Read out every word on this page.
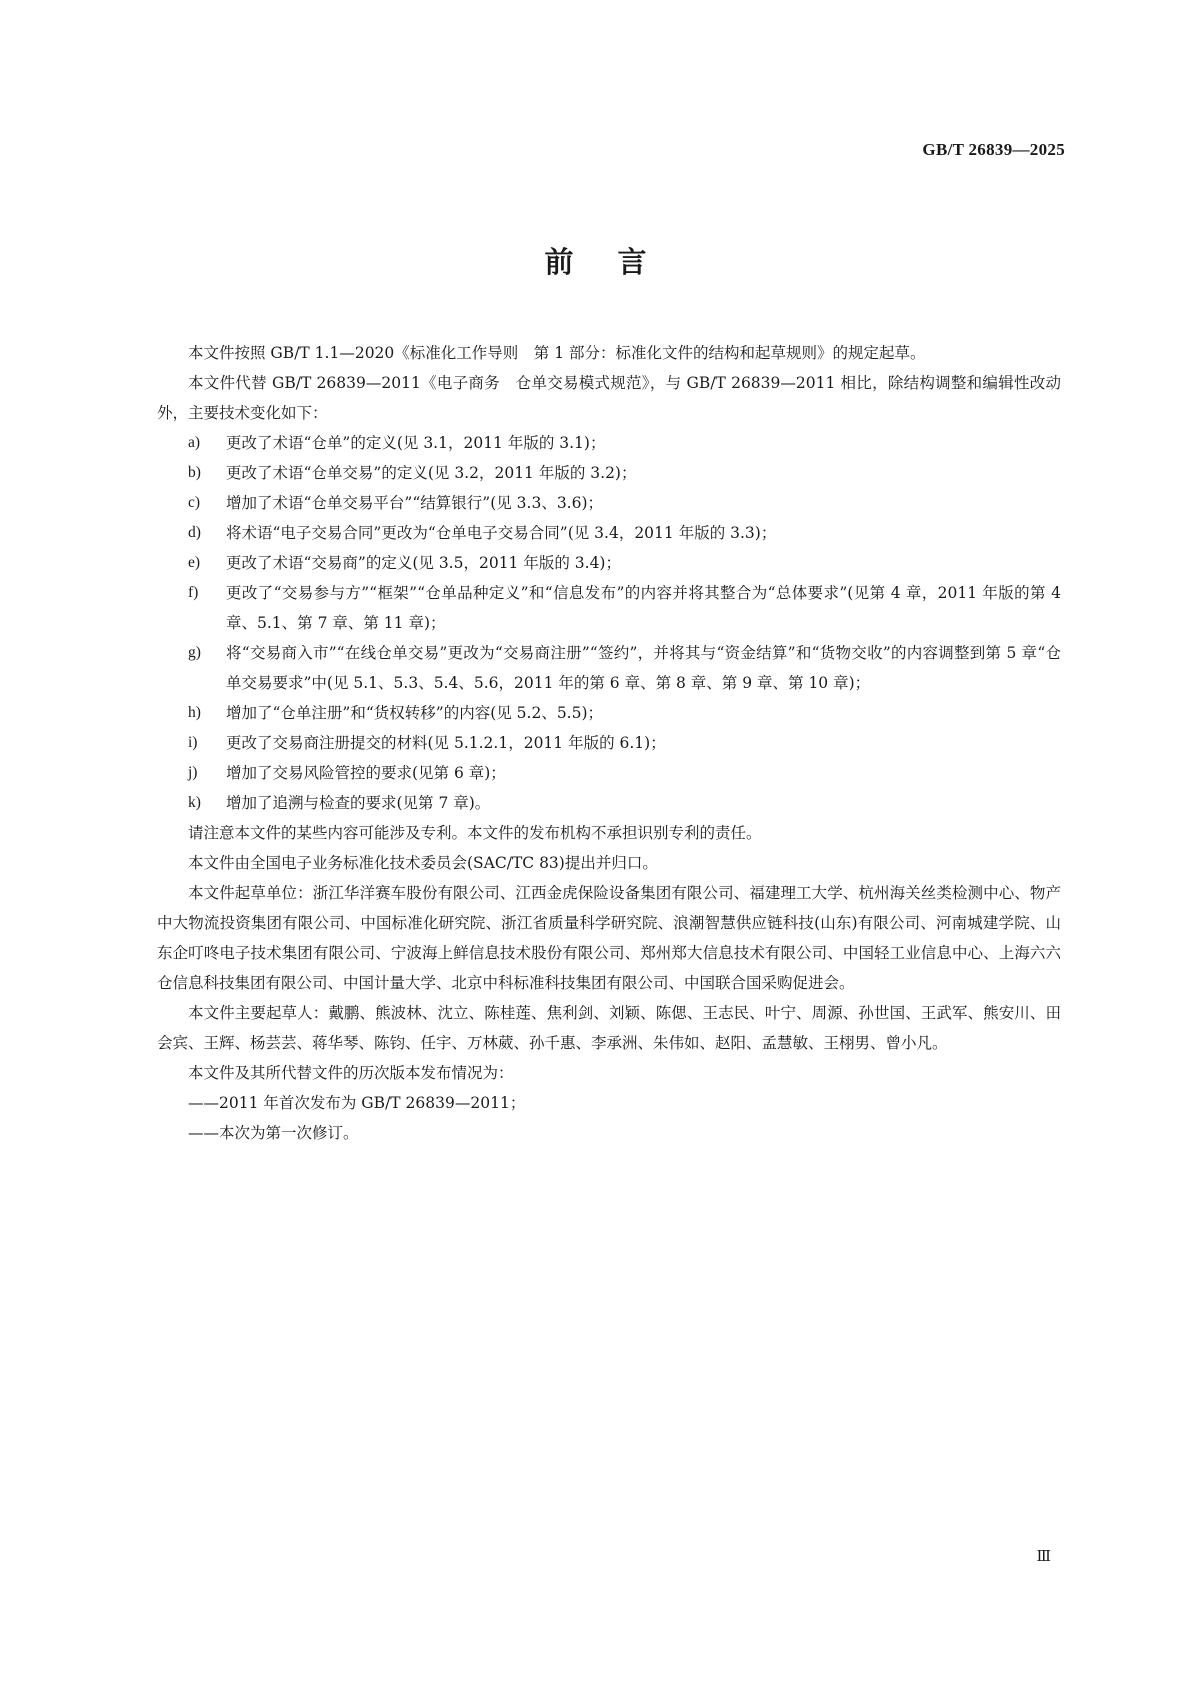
GB/T 26839—2025
前言

本文件按照 GB/T 1.1—2020《标准化工作导则　第 1 部分：标准化文件的结构和起草规则》的规定起草。

本文件代替 GB/T 26839—2011《电子商务　仓单交易模式规范》，与 GB/T 26839—2011 相比，除结构调整和编辑性改动外，主要技术变化如下：

a)	更改了术语“仓单”的定义(见 3.1，2011 年版的 3.1)；
b)	更改了术语“仓单交易”的定义(见 3.2，2011 年版的 3.2)；
c)	增加了术语“仓单交易平台”“结算银行”(见 3.3、3.6)；
d)	将术语“电子交易合同”更改为“仓单电子交易合同”(见 3.4，2011 年版的 3.3)；
e)	更改了术语“交易商”的定义(见 3.5，2011 年版的 3.4)；
f)	更改了“交易参与方”“框架”“仓单品种定义”和“信息发布”的内容并将其整合为“总体要求”(见第 4 章，2011 年版的第 4 章、5.1、第 7 章、第 11 章)；
g)	将“交易商入市”“在线仓单交易”更改为“交易商注册”“签约”，并将其与“资金结算”和“货物交收”的内容调整到第 5 章“仓单交易要求”中(见 5.1、5.3、5.4、5.6，2011 年的第 6 章、第 8 章、第 9 章、第 10 章)；
h)	增加了“仓单注册”和“货权转移”的内容(见 5.2、5.5)；
i)	更改了交易商注册提交的材料(见 5.1.2.1，2011 年版的 6.1)；
j)	增加了交易风险管控的要求(见第 6 章)；
k)	增加了追溯与检查的要求(见第 7 章)。

请注意本文件的某些内容可能涉及专利。本文件的发布机构不承担识别专利的责任。

本文件由全国电子业务标准化技术委员会(SAC/TC 83)提出并归口。

本文件起草单位：浙江华洋赛车股份有限公司、江西金虎保险设备集团有限公司、福建理工大学、杭州海关丝类检测中心、物产中大物流投资集团有限公司、中国标准化研究院、浙江省质量科学研究院、浪潮智慧供应链科技(山东)有限公司、河南城建学院、山东企叮咚电子技术集团有限公司、宁波海上鲜信息技术股份有限公司、郑州郑大信息技术有限公司、中国轻工业信息中心、上海六六仓信息科技集团有限公司、中国计量大学、北京中科标准科技集团有限公司、中国联合国采购促进会。

本文件主要起草人：戴鹏、熊波林、沈立、陈桂莲、焦利剑、刘颖、陈偲、王志民、叶宁、周源、孙世国、王武军、熊安川、田会宾、王辉、杨芸芸、蒋华琴、陈钧、任宇、万林葳、孙千惠、李承洲、朱伟如、赵阳、孟慧敏、王栩男、曾小凡。

本文件及其所代替文件的历次版本发布情况为：

——2011 年首次发布为 GB/T 26839—2011；

——本次为第一次修订。

Ⅲ
